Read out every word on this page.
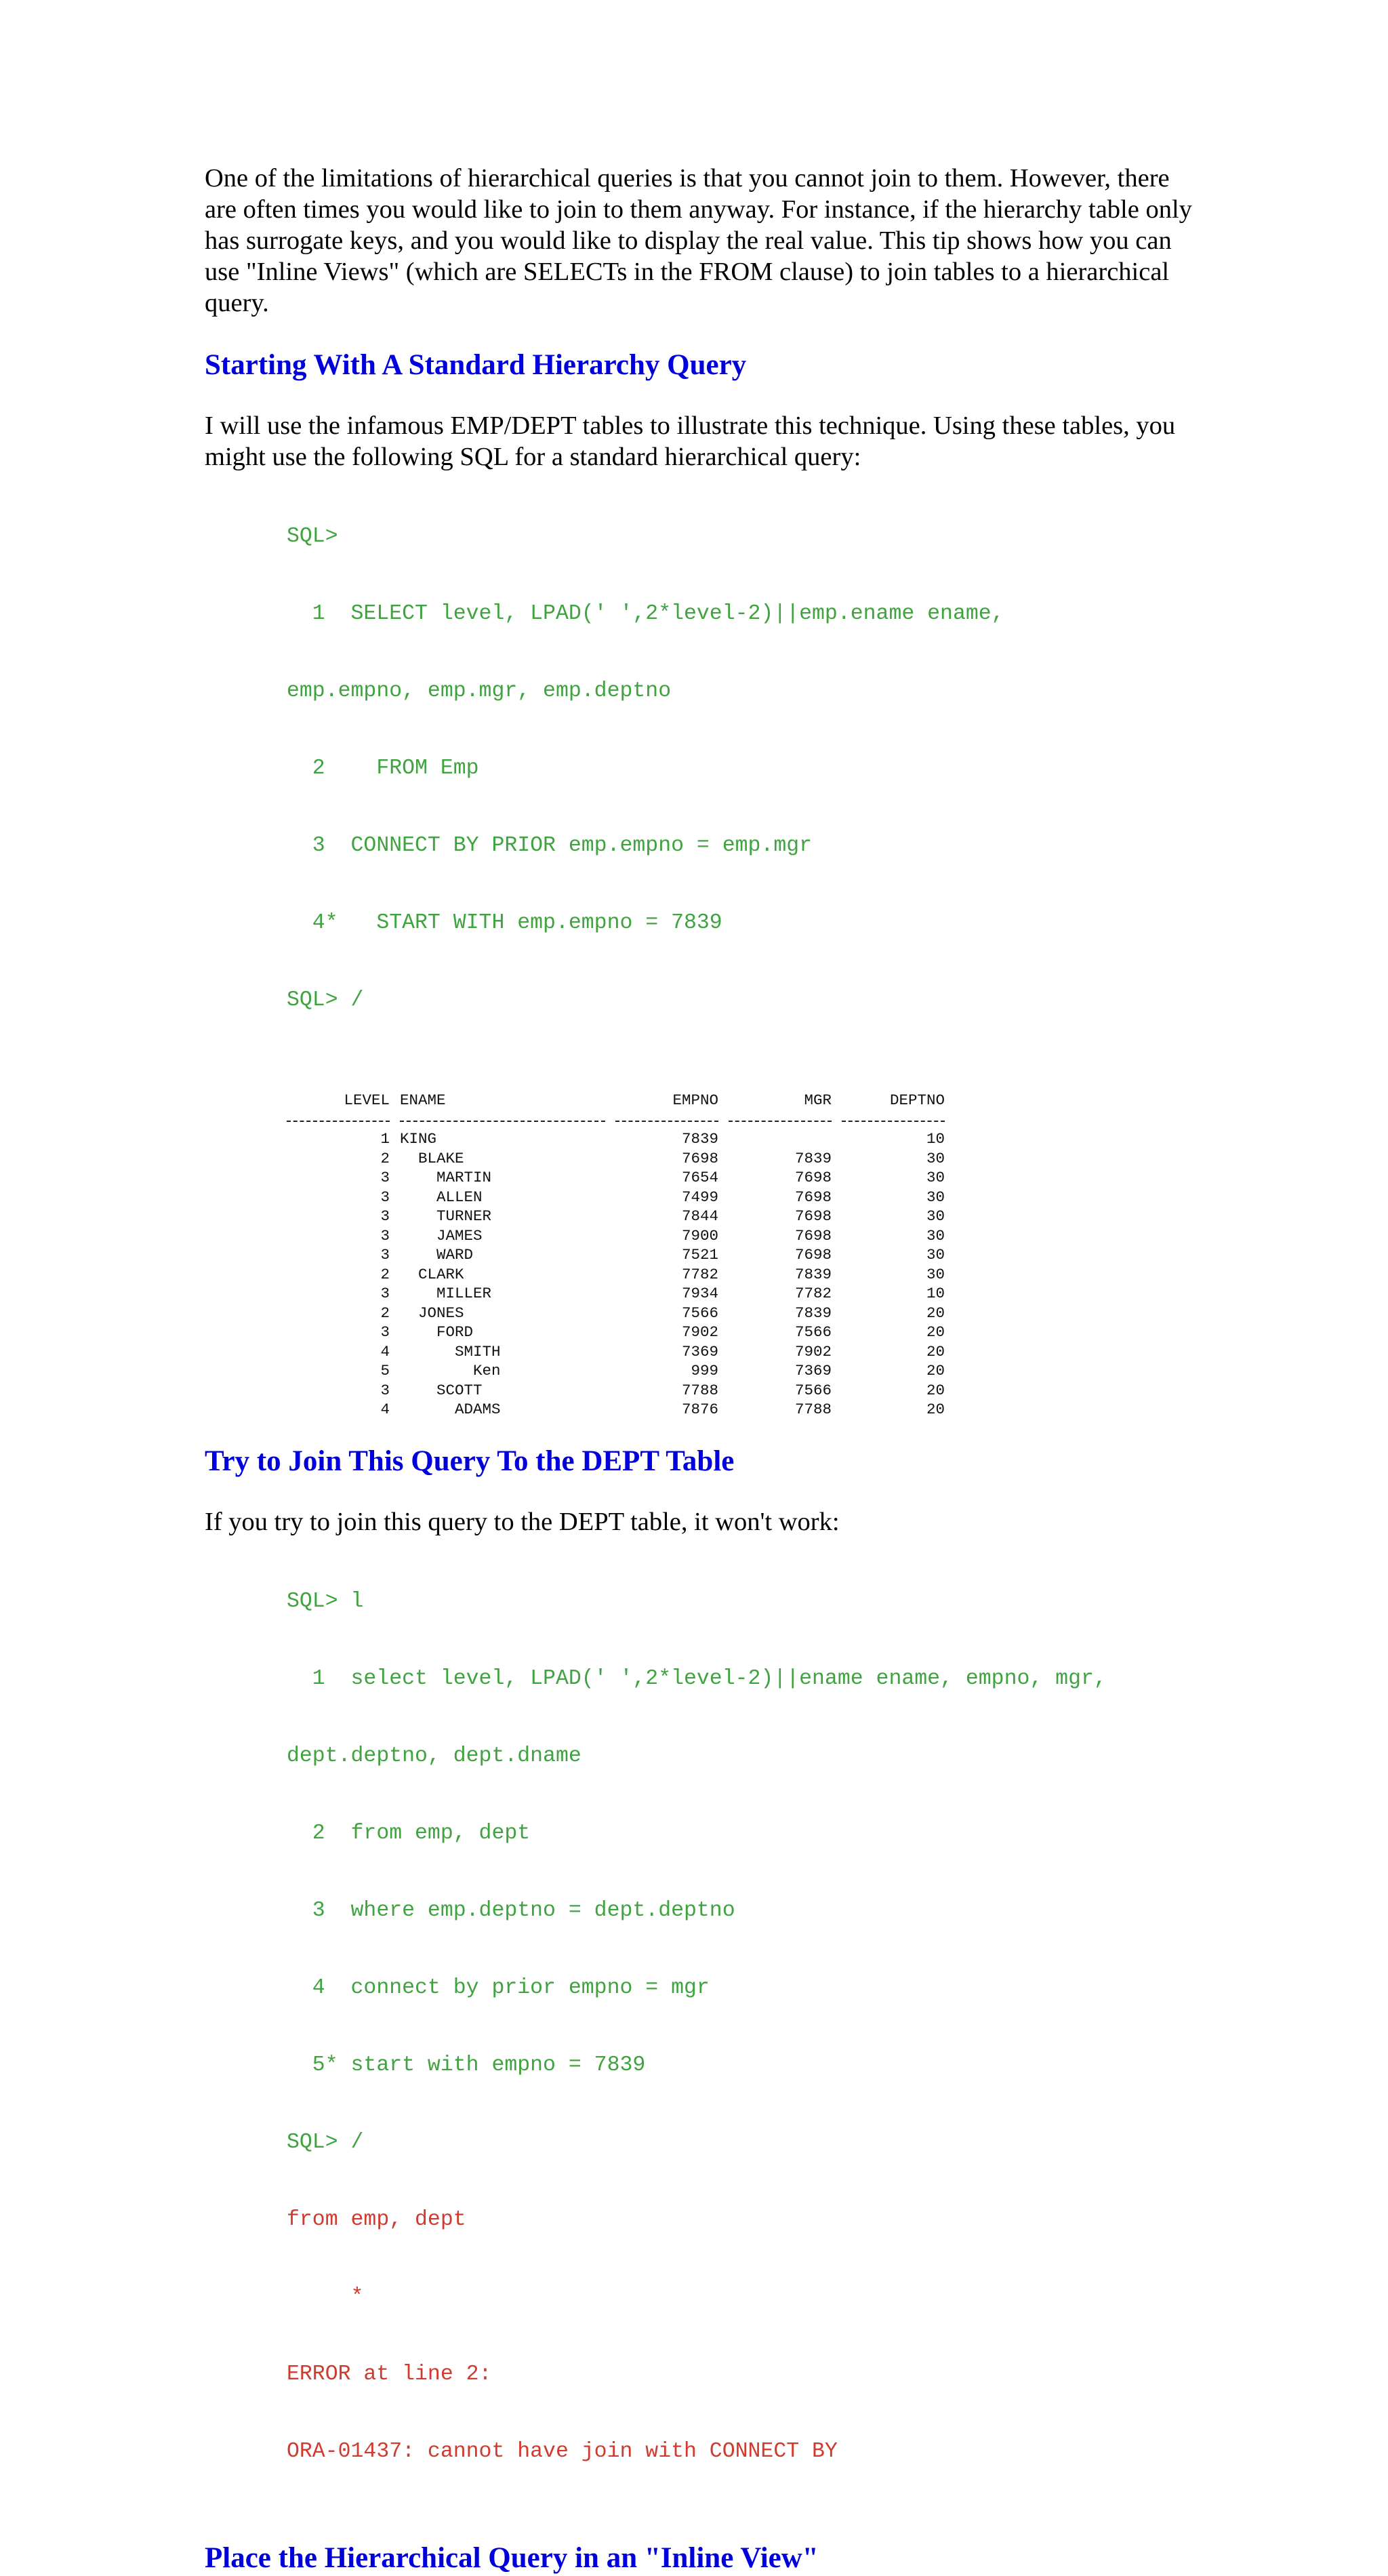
One of the limitations of hierarchical queries is that you cannot join to them. However, there are often times you would like to join to them anyway. For instance, if the hierarchy table only has surrogate keys, and you would like to display the real value. This tip shows how you can use "Inline Views" (which are SELECTs in the FROM clause) to join tables to a hierarchical query.

Starting With A Standard Hierarchy Query

I will use the infamous EMP/DEPT tables to illustrate this technique. Using these tables, you might use the following SQL for a standard hierarchical query:

SQL>

1  SELECT level, LPAD(' ',2*level-2)||emp.ename ename,

emp.empno, emp.mgr, emp.deptno

2    FROM Emp

3  CONNECT BY PRIOR emp.empno = emp.mgr

4*   START WITH emp.empno = 7839

SQL> /

LEVEL	ENAME	EMPNO	MGR	DEPTNO

1	KING	7839		10
2	BLAKE	7698	7839	30
3	MARTIN	7654	7698	30
3	ALLEN	7499	7698	30
3	TURNER	7844	7698	30
3	JAMES	7900	7698	30
3	WARD	7521	7698	30
2	CLARK	7782	7839	30
3	MILLER	7934	7782	10
2	JONES	7566	7839	20
3	FORD	7902	7566	20
4	SMITH	7369	7902	20
5	Ken	999	7369	20
3	SCOTT	7788	7566	20
4	ADAMS	7876	7788	20
Try to Join This Query To the DEPT Table

If you try to join this query to the DEPT table, it won't work:

SQL> l

1  select level, LPAD(' ',2*level-2)||ename ename, empno, mgr,

dept.deptno, dept.dname

2  from emp, dept

3  where emp.deptno = dept.deptno

4  connect by prior empno = mgr

5* start with empno = 7839

SQL> /

from emp, dept

*

ERROR at line 2:

ORA-01437: cannot have join with CONNECT BY

Place the Hierarchical Query in an "Inline View"
